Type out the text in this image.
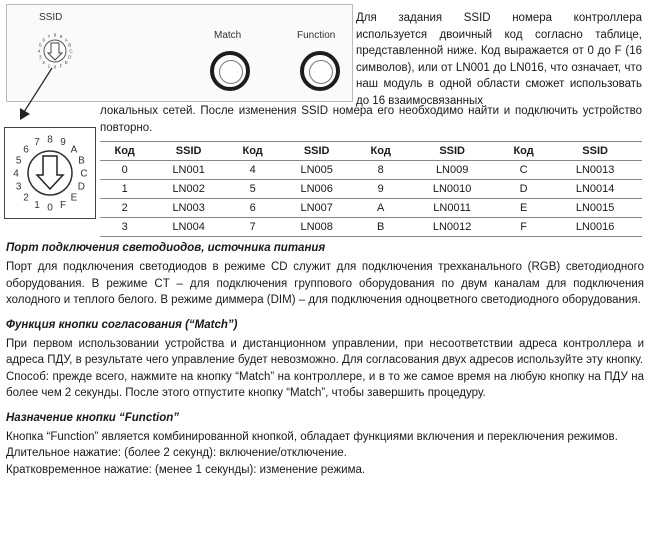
SSID
0
1
2
3
4
5
6
7 8 9
A
B
C
D
E
F
Match	Function
0
1
2
3
4
5
6
7 8 9
A
B
C
D
E
F

Для задания SSID номера контроллера используется двоичный код согласно таблице, представленной ниже. Код выражается от 0 до F (16 символов), или от LN001 до LN016, что означает, что наш модуль в одной области сможет использовать до 16 взаимосвязанных

локальных сетей. После изменения SSID номера его необходимо найти и подключить устройство повторно.

Код	SSID	Код	SSID	Код	SSID	Код	SSID
0	LN001	4	LN005	8	LN009	C	LN0013
1	LN002	5	LN006	9	LN0010	D	LN0014
2	LN003	6	LN007	A	LN0011	E	LN0015
3	LN004	7	LN008	B	LN0012	F	LN0016
Порт подключения светодиодов, источника питания

Порт для подключения светодиодов в режиме CD служит для подключения трехканального (RGB) светодиодного оборудования. В режиме CT – для подключения группового оборудования по двум каналам для подключения холодного и теплого белого. В режиме диммера (DIM) – для подключения одноцветного светодиодного оборудования.

Функция кнопки согласования (“Match”)

При первом использовании устройства и дистанционном управлении, при несоответствии адреса контроллера и адреса ПДУ, в результате чего управление будет невозможно. Для согласования двух адресов используйте эту кнопку.

Способ: прежде всего, нажмите на кнопку “Match” на контроллере, и в то же самое время на любую кнопку на ПДУ на более чем 2 секунды. После этого отпустите кнопку “Match”, чтобы завершить процедуру.

Назначение кнопки “Function”

Кнопка “Function” является комбинированной кнопкой, обладает функциями включения и переключения режимов.

Длительное нажатие: (более 2 секунд): включение/отключение.

Кратковременное нажатие: (менее 1 секунды): изменение режима.
